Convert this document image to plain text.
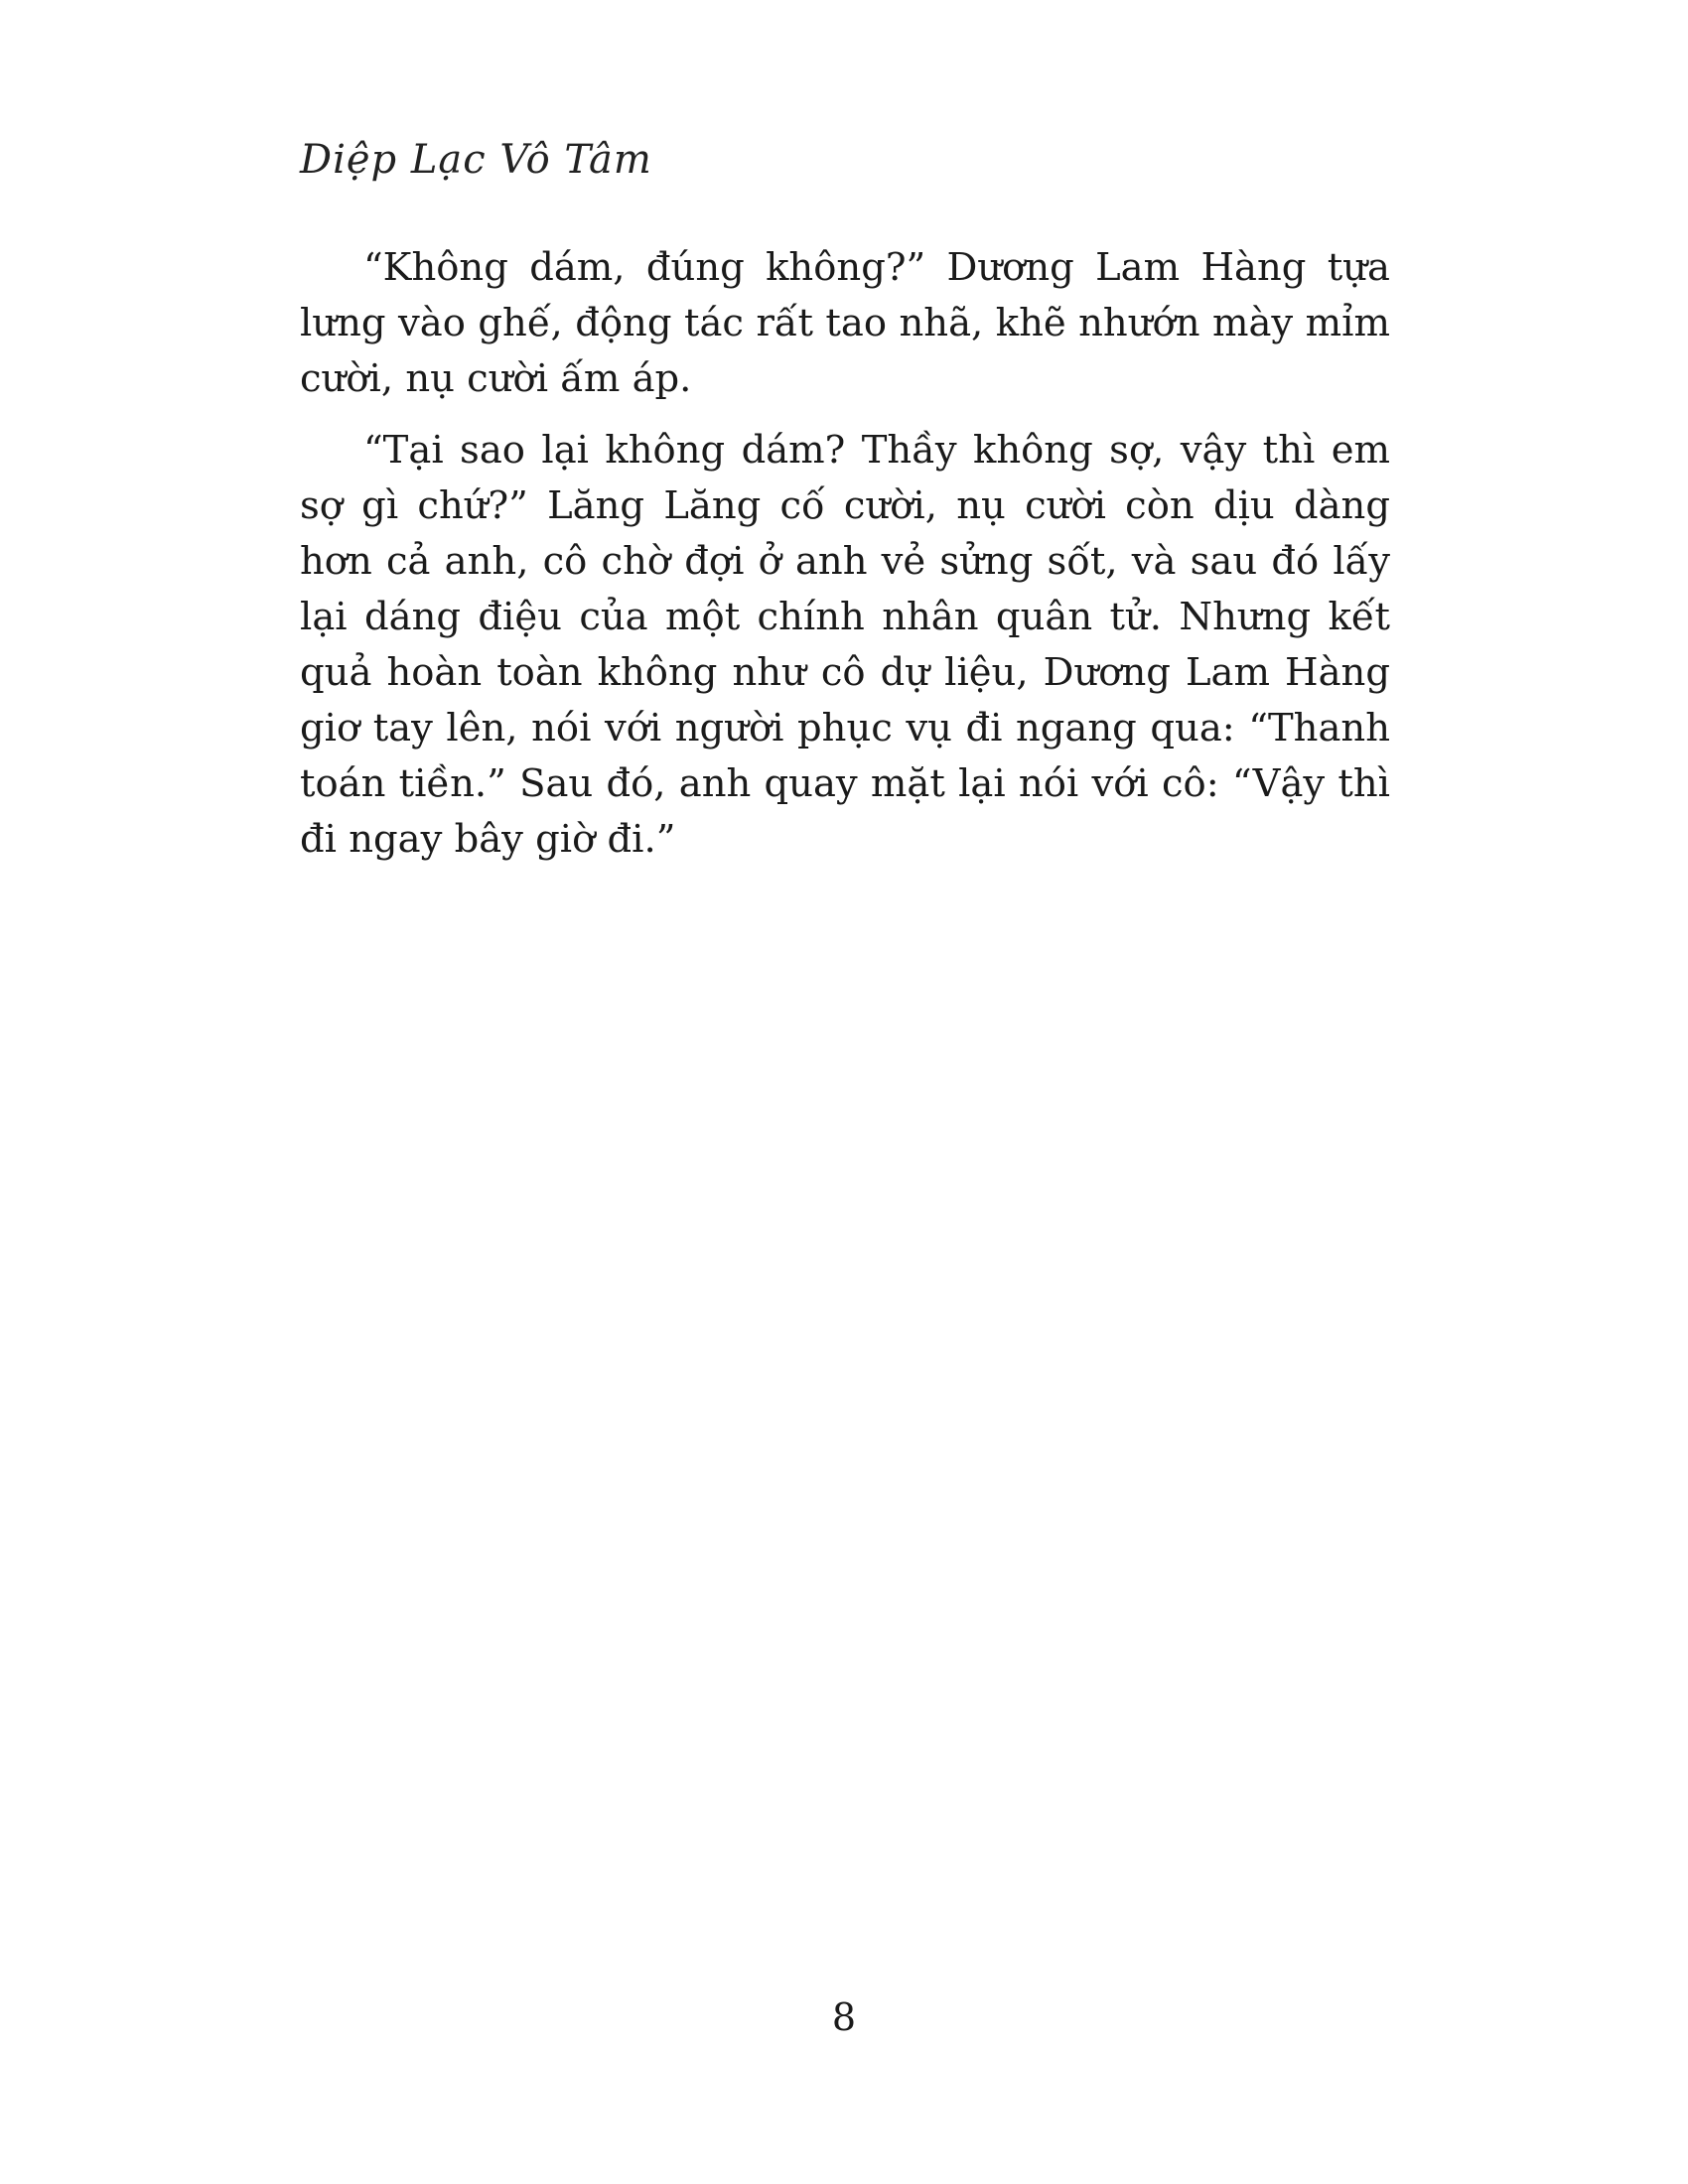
Diệp Lạc Vô Tâm

“Không dám, đúng không?” Dương Lam Hàng tựa lưng vào ghế, động tác rất tao nhã, khẽ nhướn mày mỉm cười, nụ cười ấm áp.

“Tại sao lại không dám? Thầy không sợ, vậy thì em sợ gì chứ?” Lăng Lăng cố cười, nụ cười còn dịu dàng hơn cả anh, cô chờ đợi ở anh vẻ sửng sốt, và sau đó lấy lại dáng điệu của một chính nhân quân tử. Nhưng kết quả hoàn toàn không như cô dự liệu, Dương Lam Hàng giơ tay lên, nói với người phục vụ đi ngang qua: “Thanh toán tiền.” Sau đó, anh quay mặt lại nói với cô: “Vậy thì đi ngay bây giờ đi.”

8
